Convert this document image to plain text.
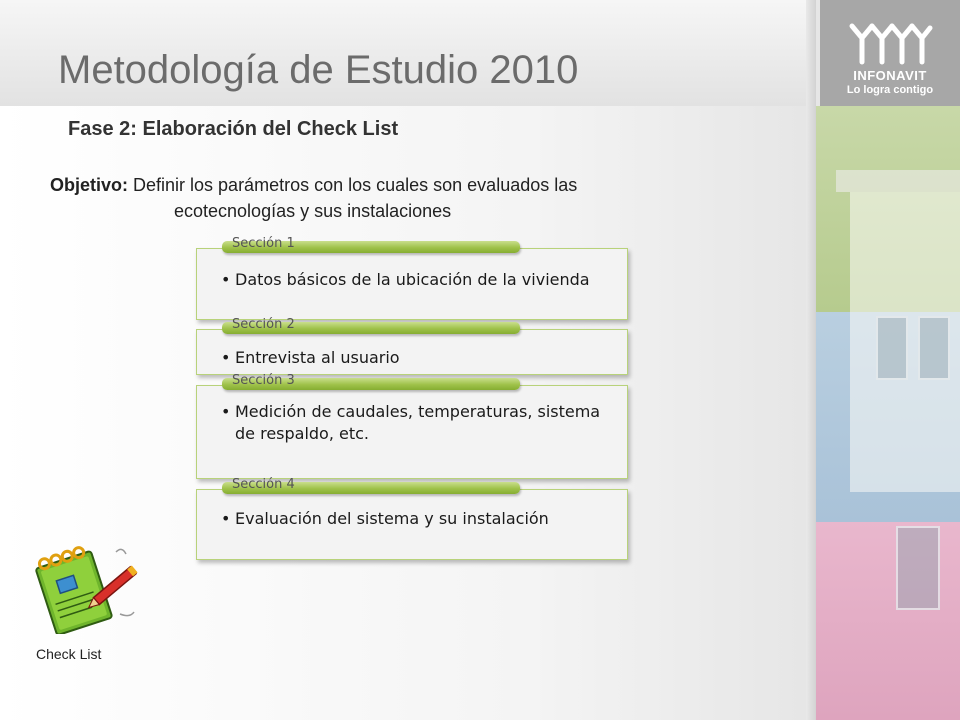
INFONAVIT
Lo logra contigo
Metodología de Estudio 2010
Fase 2: Elaboración del Check List
Objetivo: Definir los parámetros con los cuales son evaluados las
ecotecnologías y sus instalaciones
• Datos básicos de la ubicación de la vivienda
Sección 1
• Entrevista al usuario
Sección 2
• Medición de caudales, temperaturas, sistema de respaldo, etc.
Sección 3
• Evaluación del sistema y su instalación
Sección 4
Check List
